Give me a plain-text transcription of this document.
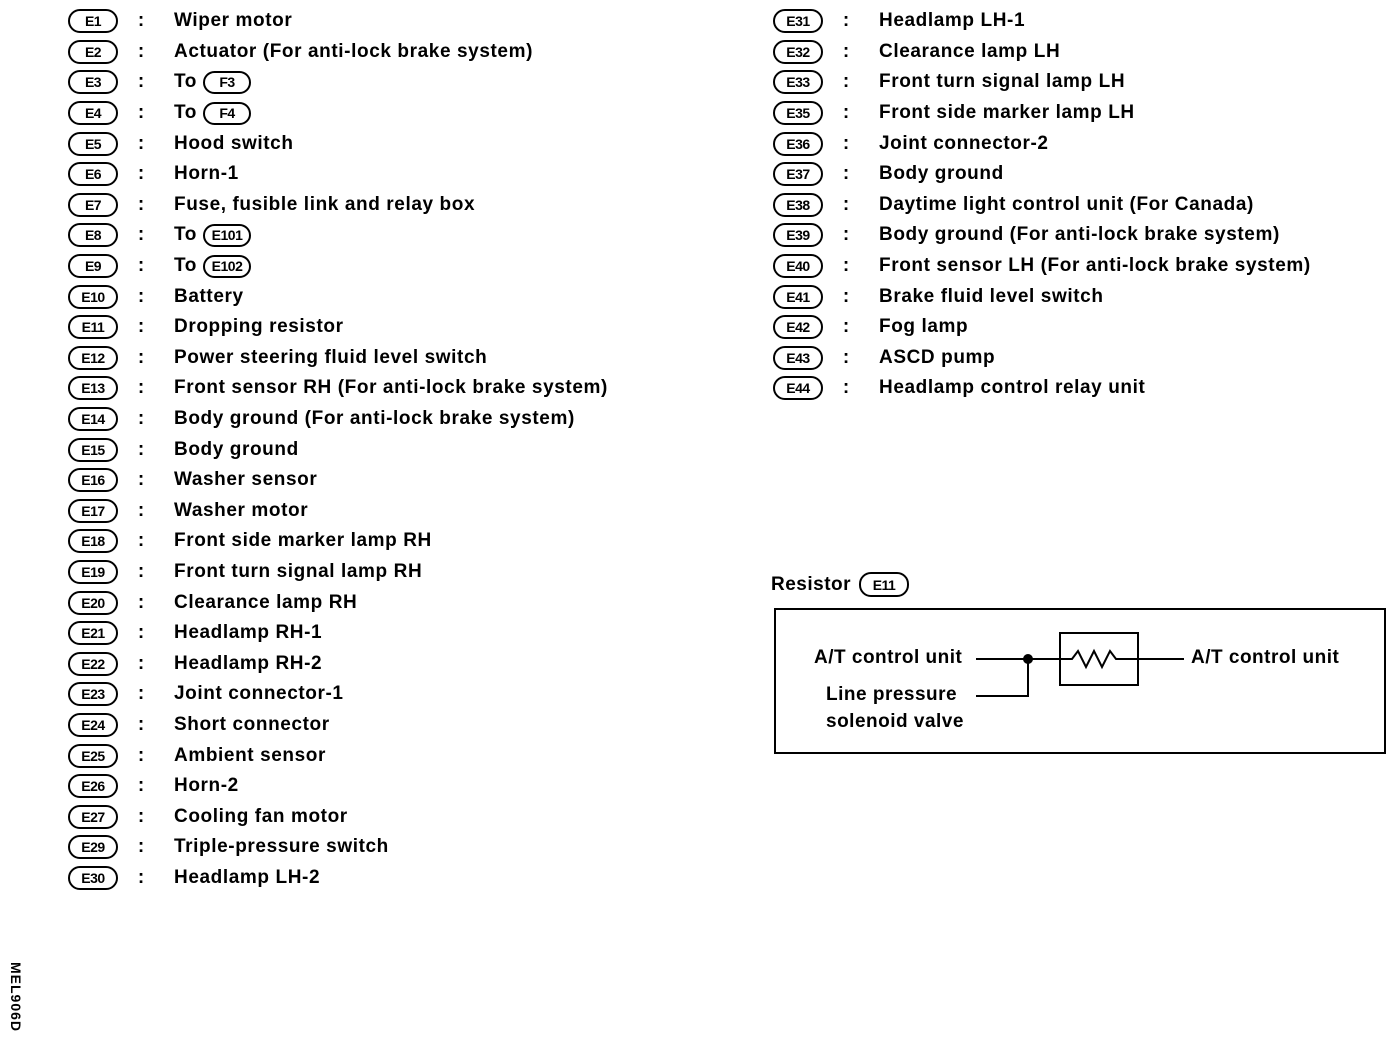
E1	:	Wiper motor
E2	:	Actuator (For anti-lock brake system)
E3	:	To	F3
E4	:	To	F4
E5	:	Hood switch
E6	:	Horn-1
E7	:	Fuse, fusible link and relay box
E8	:	To	E101
E9	:	To	E102
E10	:	Battery
E11	:	Dropping resistor
E12	:	Power steering fluid level switch
E13	:	Front sensor RH (For anti-lock brake system)
E14	:	Body ground (For anti-lock brake system)
E15	:	Body ground
E16	:	Washer sensor
E17	:	Washer motor
E18	:	Front side marker lamp RH
E19	:	Front turn signal lamp RH
E20	:	Clearance lamp RH
E21	:	Headlamp RH-1
E22	:	Headlamp RH-2
E23	:	Joint connector-1
E24	:	Short connector
E25	:	Ambient sensor
E26	:	Horn-2
E27	:	Cooling fan motor
E29	:	Triple-pressure switch
E30	:	Headlamp LH-2
E31	:	Headlamp LH-1
E32	:	Clearance lamp LH
E33	:	Front turn signal lamp LH
E35	:	Front side marker lamp LH
E36	:	Joint connector-2
E37	:	Body ground
E38	:	Daytime light control unit (For Canada)
E39	:	Body ground (For anti-lock brake system)
E40	:	Front sensor LH (For anti-lock brake system)
E41	:	Brake fluid level switch
E42	:	Fog lamp
E43	:	ASCD pump
E44	:	Headlamp control relay unit
Resistor	E11
A/T control unit	A/T control unit
Line pressure
solenoid valve
MEL906D
